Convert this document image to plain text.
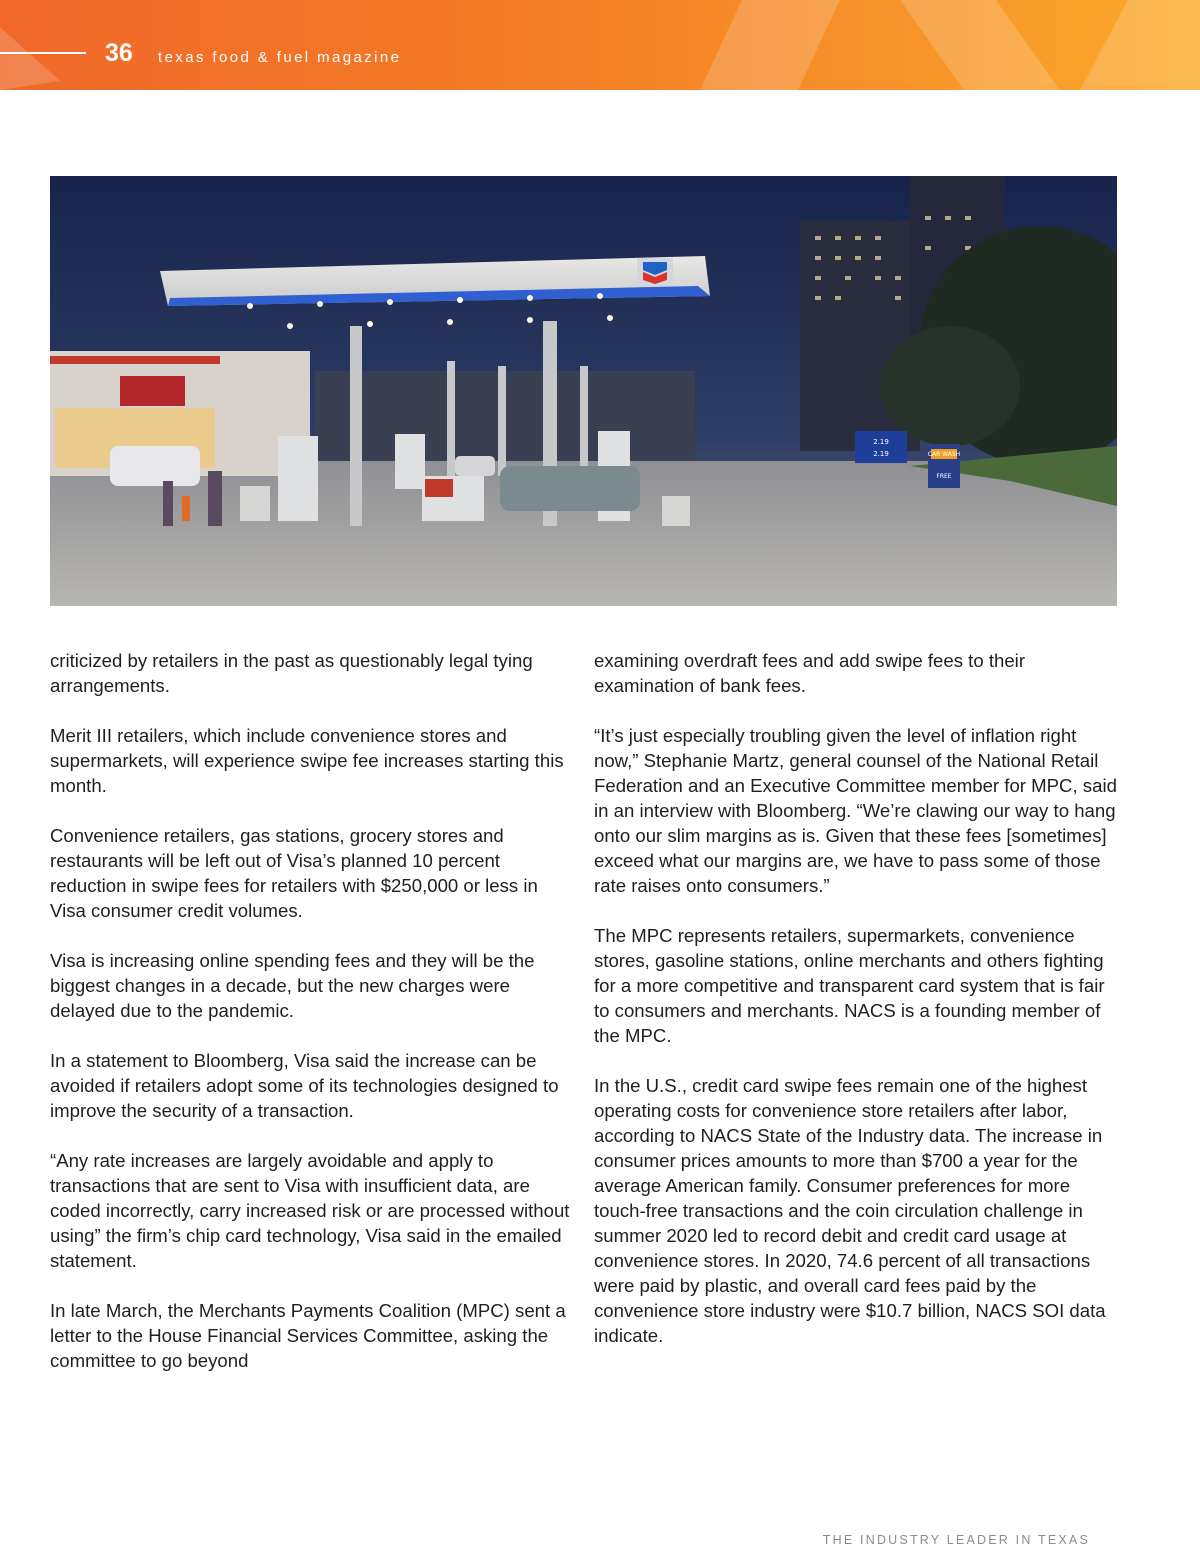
36 texas food & fuel magazine
CAR WASH
FREE
2.19
2.19

criticized by retailers in the past as questionably legal tying arrangements.

Merit III retailers, which include convenience stores and supermarkets, will experience swipe fee increases starting this month.

Convenience retailers, gas stations, grocery stores and restaurants will be left out of Visa’s planned 10 percent reduction in swipe fees for retailers with $250,000 or less in Visa consumer credit volumes.

Visa is increasing online spending fees and they will be the biggest changes in a decade, but the new charges were delayed due to the pandemic.

In a statement to Bloomberg, Visa said the increase can be avoided if retailers adopt some of its technologies designed to improve the security of a transaction.

“Any rate increases are largely avoidable and apply to transactions that are sent to Visa with insufficient data, are coded incorrectly, carry increased risk or are processed without using” the firm’s chip card technology, Visa said in the emailed statement.

In late March, the Merchants Payments Coalition (MPC) sent a letter to the House Financial Services Committee, asking the committee to go beyond

examining overdraft fees and add swipe fees to their examination of bank fees.

“It’s just especially troubling given the level of inflation right now,” Stephanie Martz, general counsel of the National Retail Federation and an Executive Committee member for MPC, said in an interview with Bloomberg. “We’re clawing our way to hang onto our slim margins as is. Given that these fees [sometimes] exceed what our margins are, we have to pass some of those rate raises onto consumers.”

The MPC represents retailers, supermarkets, convenience stores, gasoline stations, online merchants and others fighting for a more competitive and transparent card system that is fair to consumers and merchants. NACS is a founding member of the MPC.

In the U.S., credit card swipe fees remain one of the highest operating costs for convenience store retailers after labor, according to NACS State of the Industry data. The increase in consumer prices amounts to more than $700 a year for the average American family. Consumer preferences for more touch-free transactions and the coin circulation challenge in summer 2020 led to record debit and credit card usage at convenience stores. In 2020, 74.6 percent of all transactions were paid by plastic, and overall card fees paid by the convenience store industry were $10.7 billion, NACS SOI data indicate.

THE INDUSTRY LEADER IN TEXAS
